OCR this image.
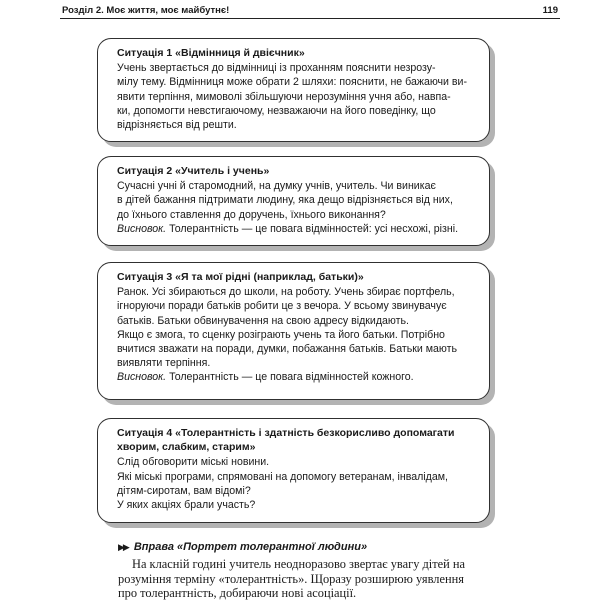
Розділ 2. Моє життя, моє майбутнє!	119
Ситуація 1 «Відмінниця й двієчник»

Учень звертається до відмінниці із проханням пояснити незрозу-

мілу тему. Відмінниця може обрати 2 шляхи: пояснити, не бажаючи ви-

явити терпіння, мимоволі збільшуючи нерозуміння учня або, навпа-

ки, допомогти невстигаючому, незважаючи на його поведінку, що

відрізняється від решти.

Ситуація 2 «Учитель і учень»

Сучасні учні й старомодний, на думку учнів, учитель. Чи виникає

в дітей бажання підтримати людину, яка дещо відрізняється від них,

до їхнього ставлення до доручень, їхнього виконання?

Висновок. Толерантність — це повага відмінностей: усі несхожі, різні.

Ситуація 3 «Я та мої рідні (наприклад, батьки)»

Ранок. Усі збираються до школи, на роботу. Учень збирає портфель,

ігноруючи поради батьків робити це з вечора. У всьому звинувачує

батьків. Батьки обвинувачення на свою адресу відкидають.

Якщо є змога, то сценку розіграють учень та його батьки. Потрібно

вчитися зважати на поради, думки, побажання батьків. Батьки мають

виявляти терпіння.

Висновок. Толерантність — це повага відмінностей кожного.

Ситуація 4 «Толерантність і здатність безкорисливо допомагати
хворим, слабким, старим»

Слід обговорити міські новини.

Які міські програми, спрямовані на допомогу ветеранам, інвалідам,

дітям-сиротам, вам відомі?

У яких акціях брали участь?

▶▶ Вправа «Портрет толерантної людини»

На класній годині учитель неодноразово звертає увагу дітей на

розуміння терміну «толерантність». Щоразу розширюю уявлення

про толерантність, добираючи нові асоціації.
